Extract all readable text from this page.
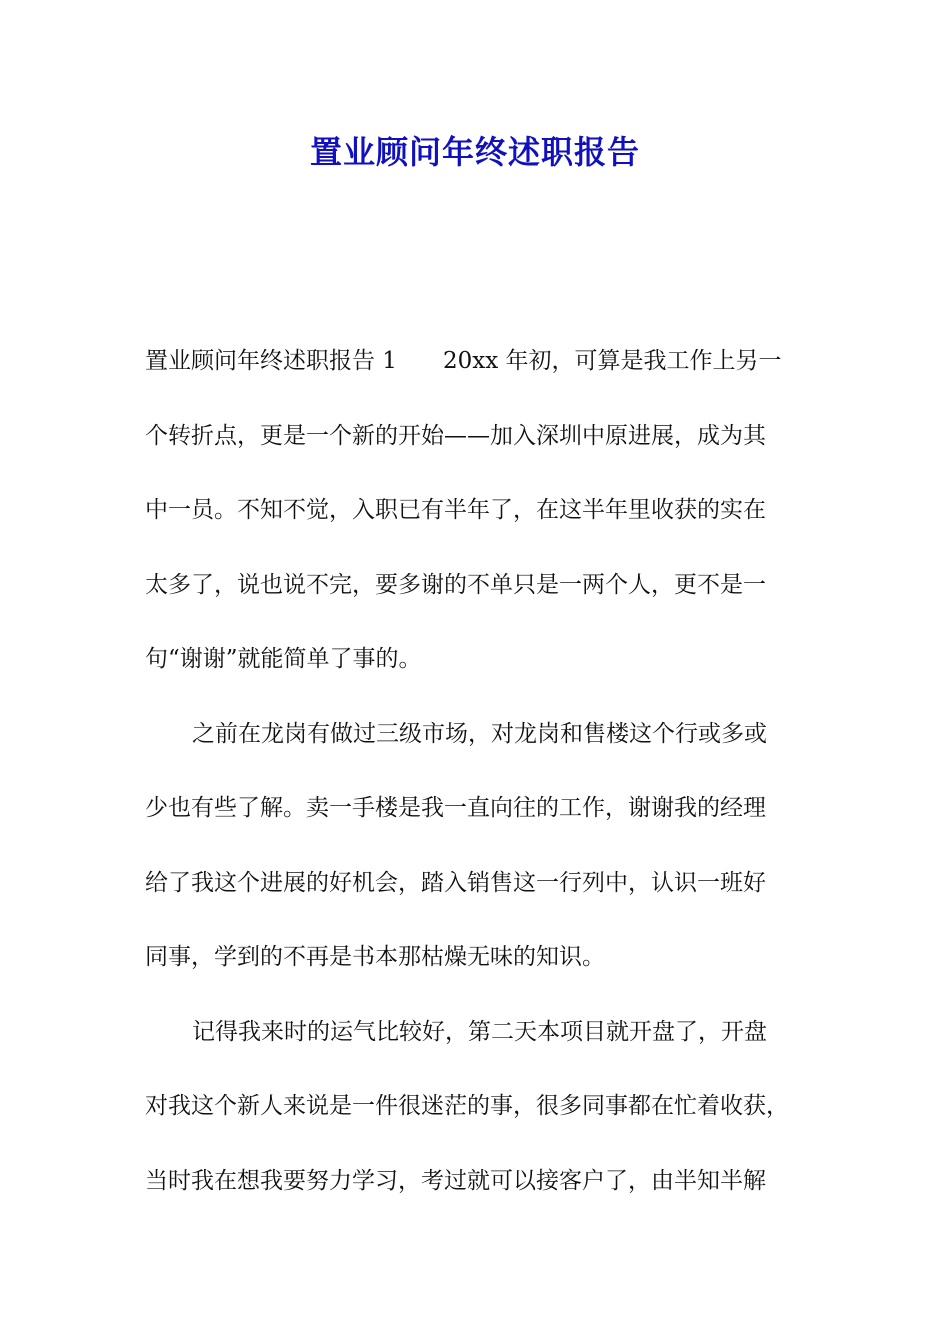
置业顾问年终述职报告
置业顾问年终述职报告 1 20xx 年初，可算是我工作上另一
个转折点，更是一个新的开始——加入深圳中原进展，成为其
中一员。不知不觉，入职已有半年了，在这半年里收获的实在
太多了，说也说不完，要多谢的不单只是一两个人，更不是一
句“谢谢”就能简单了事的。
之前在龙岗有做过三级市场，对龙岗和售楼这个行或多或
少也有些了解。卖一手楼是我一直向往的工作，谢谢我的经理
给了我这个进展的好机会，踏入销售这一行列中，认识一班好
同事，学到的不再是书本那枯燥无味的知识。
记得我来时的运气比较好，第二天本项目就开盘了，开盘
对我这个新人来说是一件很迷茫的事，很多同事都在忙着收获，
当时我在想我要努力学习，考过就可以接客户了，由半知半解
